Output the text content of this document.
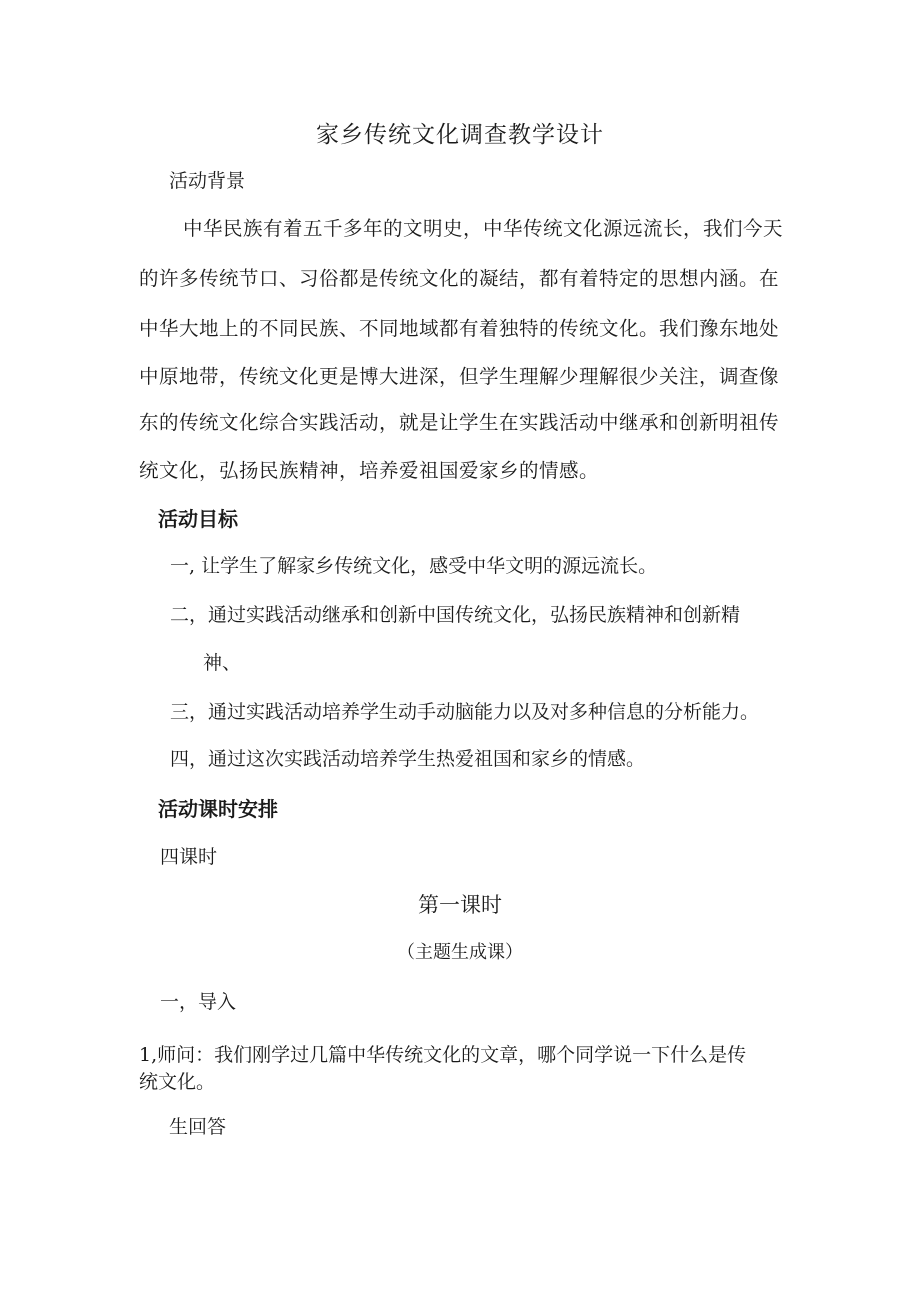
家乡传统文化调查教学设计
活动背景
中华民族有着五千多年的文明史，中华传统文化源远流长，我们今天
的许多传统节口、习俗都是传统文化的凝结，都有着特定的思想内涵。在
中华大地上的不同民族、不同地域都有着独特的传统文化。我们豫东地处
中原地带，传统文化更是博大进深，但学生理解少理解很少关注，调查像
东的传统文化综合实践活动，就是让学生在实践活动中继承和创新明祖传
统文化，弘扬民族精神，培养爱祖国爱家乡的情感。
活动目标
一, 让学生了解家乡传统文化，感受中华文明的源远流长。
二，通过实践活动继承和创新中国传统文化，弘扬民族精神和创新精
神、
三，通过实践活动培养学生动手动脑能力以及对多种信息的分析能力。
四，通过这次实践活动培养学生热爱祖国和家乡的情感。
活动课时安排
四课时
第一课时
（主题生成课）
一，导入
1,师问：我们刚学过几篇中华传统文化的文章，哪个同学说一下什么是传
统文化。
生回答
